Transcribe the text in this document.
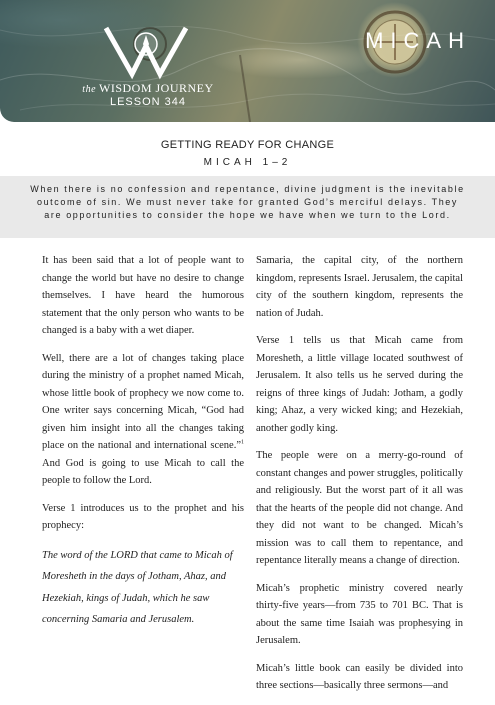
the WISDOM JOURNEY
LESSON 344
MICAH
GETTING READY FOR CHANGE
MICAH 1–2
When there is no confession and repentance, divine judgment is the inevitable outcome of sin. We must never take for granted God’s merciful delays. They are opportunities to consider the hope we have when we turn to the Lord.

It has been said that a lot of people want to change the world but have no desire to change themselves. I have heard the humorous statement that the only person who wants to be changed is a baby with a wet diaper.

Well, there are a lot of changes taking place during the ministry of a prophet named Micah, whose little book of prophecy we now come to. One writer says concerning Micah, “God had given him insight into all the changes taking place on the national and international scene.”$^1$ And God is going to use Micah to call the people to follow the Lord.

Verse 1 introduces us to the prophet and his prophecy:

The word of the LORD that came to Micah of Moresheth in the days of Jotham, Ahaz, and Hezekiah, kings of Judah, which he saw concerning Samaria and Jerusalem.

Samaria, the capital city, of the northern kingdom, represents Israel. Jerusalem, the capital city of the southern kingdom, represents the nation of Judah.

Verse 1 tells us that Micah came from Moresheth, a little village located southwest of Jerusalem. It also tells us he served during the reigns of three kings of Judah: Jotham, a godly king; Ahaz, a very wicked king; and Hezekiah, another godly king.

The people were on a merry-go-round of constant changes and power struggles, politically and religiously. But the worst part of it all was that the hearts of the people did not change. And they did not want to be changed. Micah’s mission was to call them to repentance, and repentance literally means a change of direction.

Micah’s prophetic ministry covered nearly thirty-five years—from 735 to 701 BC. That is about the same time Isaiah was prophesying in Jerusalem.

Micah’s little book can easily be divided into three sections—basically three sermons—and
